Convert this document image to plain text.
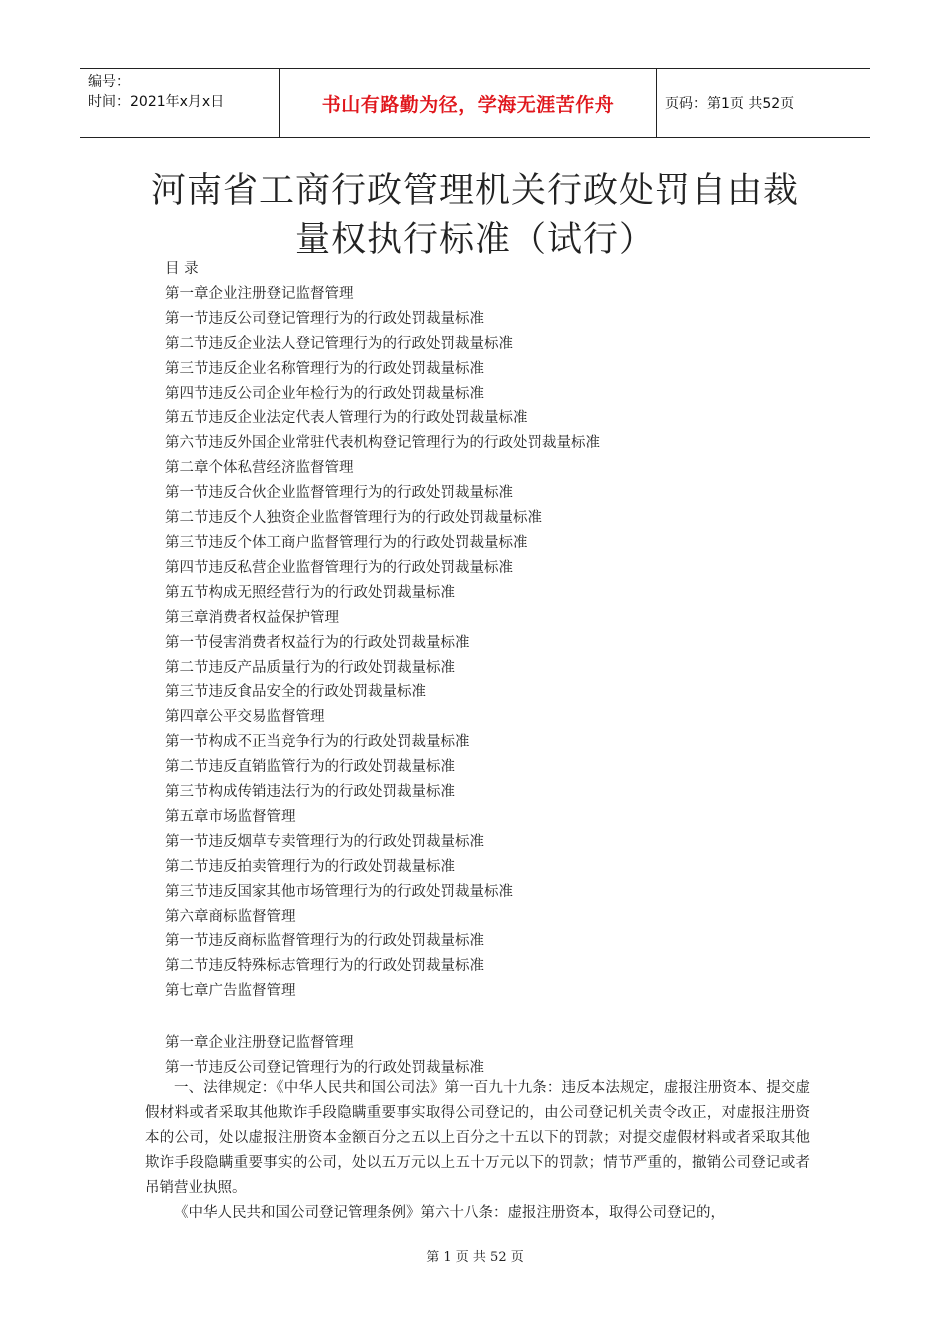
编号：
时间：2021年x月x日	书山有路勤为径，学海无涯苦作舟	页码：第1页 共52页
河南省工商行政管理机关行政处罚自由裁
量权执行标准（试行）
目 录
第一章企业注册登记监督管理
第一节违反公司登记管理行为的行政处罚裁量标准
第二节违反企业法人登记管理行为的行政处罚裁量标准
第三节违反企业名称管理行为的行政处罚裁量标准
第四节违反公司企业年检行为的行政处罚裁量标准
第五节违反企业法定代表人管理行为的行政处罚裁量标准
第六节违反外国企业常驻代表机构登记管理行为的行政处罚裁量标准
第二章个体私营经济监督管理
第一节违反合伙企业监督管理行为的行政处罚裁量标准
第二节违反个人独资企业监督管理行为的行政处罚裁量标准
第三节违反个体工商户监督管理行为的行政处罚裁量标准
第四节违反私营企业监督管理行为的行政处罚裁量标准
第五节构成无照经营行为的行政处罚裁量标准
第三章消费者权益保护管理
第一节侵害消费者权益行为的行政处罚裁量标准
第二节违反产品质量行为的行政处罚裁量标准
第三节违反食品安全的行政处罚裁量标准
第四章公平交易监督管理
第一节构成不正当竞争行为的行政处罚裁量标准
第二节违反直销监管行为的行政处罚裁量标准
第三节构成传销违法行为的行政处罚裁量标准
第五章市场监督管理
第一节违反烟草专卖管理行为的行政处罚裁量标准
第二节违反拍卖管理行为的行政处罚裁量标准
第三节违反国家其他市场管理行为的行政处罚裁量标准
第六章商标监督管理
第一节违反商标监督管理行为的行政处罚裁量标准
第二节违反特殊标志管理行为的行政处罚裁量标准
第七章广告监督管理
第一章企业注册登记监督管理
第一节违反公司登记管理行为的行政处罚裁量标准

一、法律规定：《中华人民共和国公司法》第一百九十九条：违反本法规定，虚报注册资本、提交虚假材料或者采取其他欺诈手段隐瞒重要事实取得公司登记的，由公司登记机关责令改正，对虚报注册资本的公司，处以虚报注册资本金额百分之五以上百分之十五以下的罚款；对提交虚假材料或者采取其他欺诈手段隐瞒重要事实的公司，处以五万元以上五十万元以下的罚款；情节严重的，撤销公司登记或者吊销营业执照。

《中华人民共和国公司登记管理条例》第六十八条：虚报注册资本，取得公司登记的，

第 1 页 共 52 页
